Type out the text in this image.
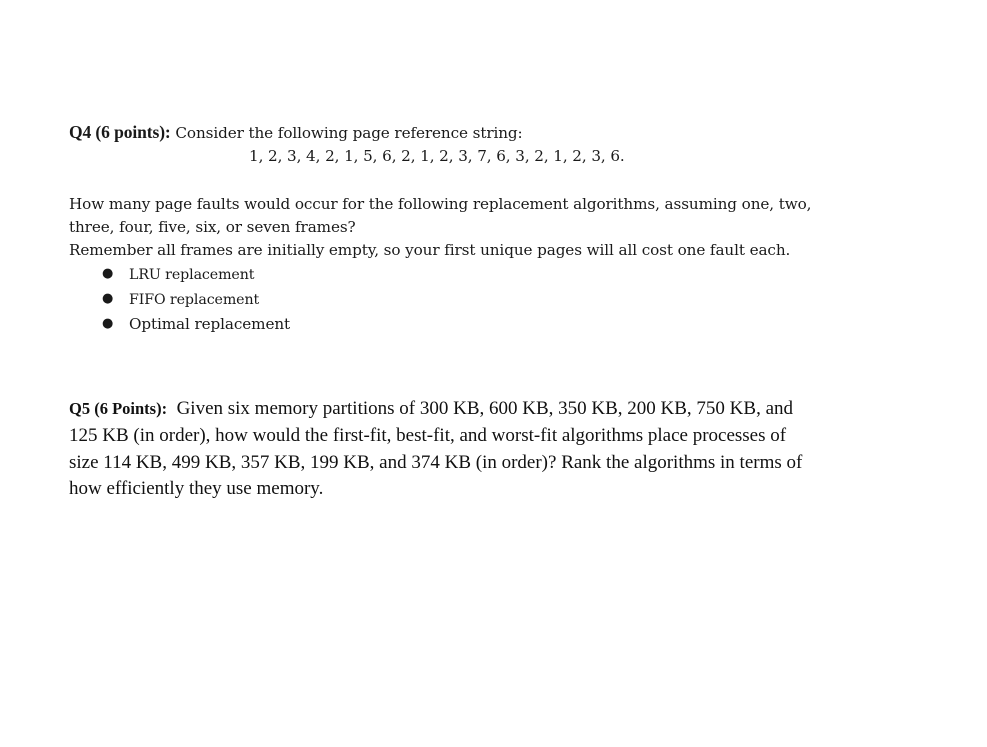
Q4 (6 points): Consider the following page reference string:

1, 2, 3, 4, 2, 1, 5, 6, 2, 1, 2, 3, 7, 6, 3, 2, 1, 2, 3, 6.

How many page faults would occur for the following replacement algorithms, assuming one, two,

three, four, five, six, or seven frames?

Remember all frames are initially empty, so your first unique pages will all cost one fault each.

● LRU replacement
● FIFO replacement
● Optimal replacement

Q5 (6 Points): Given six memory partitions of 300 KB, 600 KB, 350 KB, 200 KB, 750 KB, and

125 KB (in order), how would the first-fit, best-fit, and worst-fit algorithms place processes of

size 114 KB, 499 KB, 357 KB, 199 KB, and 374 KB (in order)? Rank the algorithms in terms of

how efficiently they use memory.
